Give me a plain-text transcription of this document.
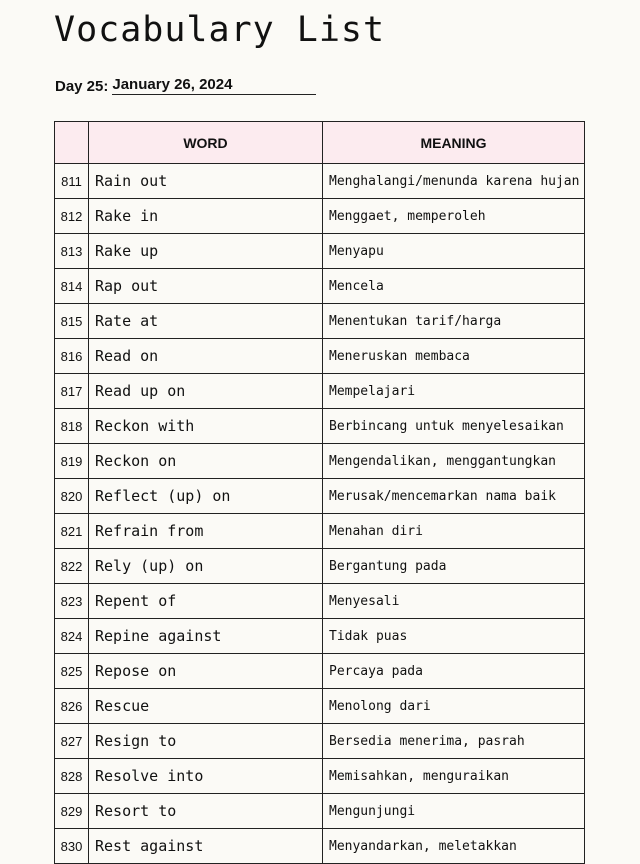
Vocabulary List
Day 25: January 26, 2024
	WORD	MEANING
811	Rain out	Menghalangi/menunda karena hujan
812	Rake in	Menggaet, memperoleh
813	Rake up	Menyapu
814	Rap out	Mencela
815	Rate at	Menentukan tarif/harga
816	Read on	Meneruskan membaca
817	Read up on	Mempelajari
818	Reckon with	Berbincang untuk menyelesaikan
819	Reckon on	Mengendalikan, menggantungkan
820	Reflect (up) on	Merusak/mencemarkan nama baik
821	Refrain from	Menahan diri
822	Rely (up) on	Bergantung pada
823	Repent of	Menyesali
824	Repine against	Tidak puas
825	Repose on	Percaya pada
826	Rescue	Menolong dari
827	Resign to	Bersedia menerima, pasrah
828	Resolve into	Memisahkan, menguraikan
829	Resort to	Mengunjungi
830	Rest against	Menyandarkan, meletakkan
